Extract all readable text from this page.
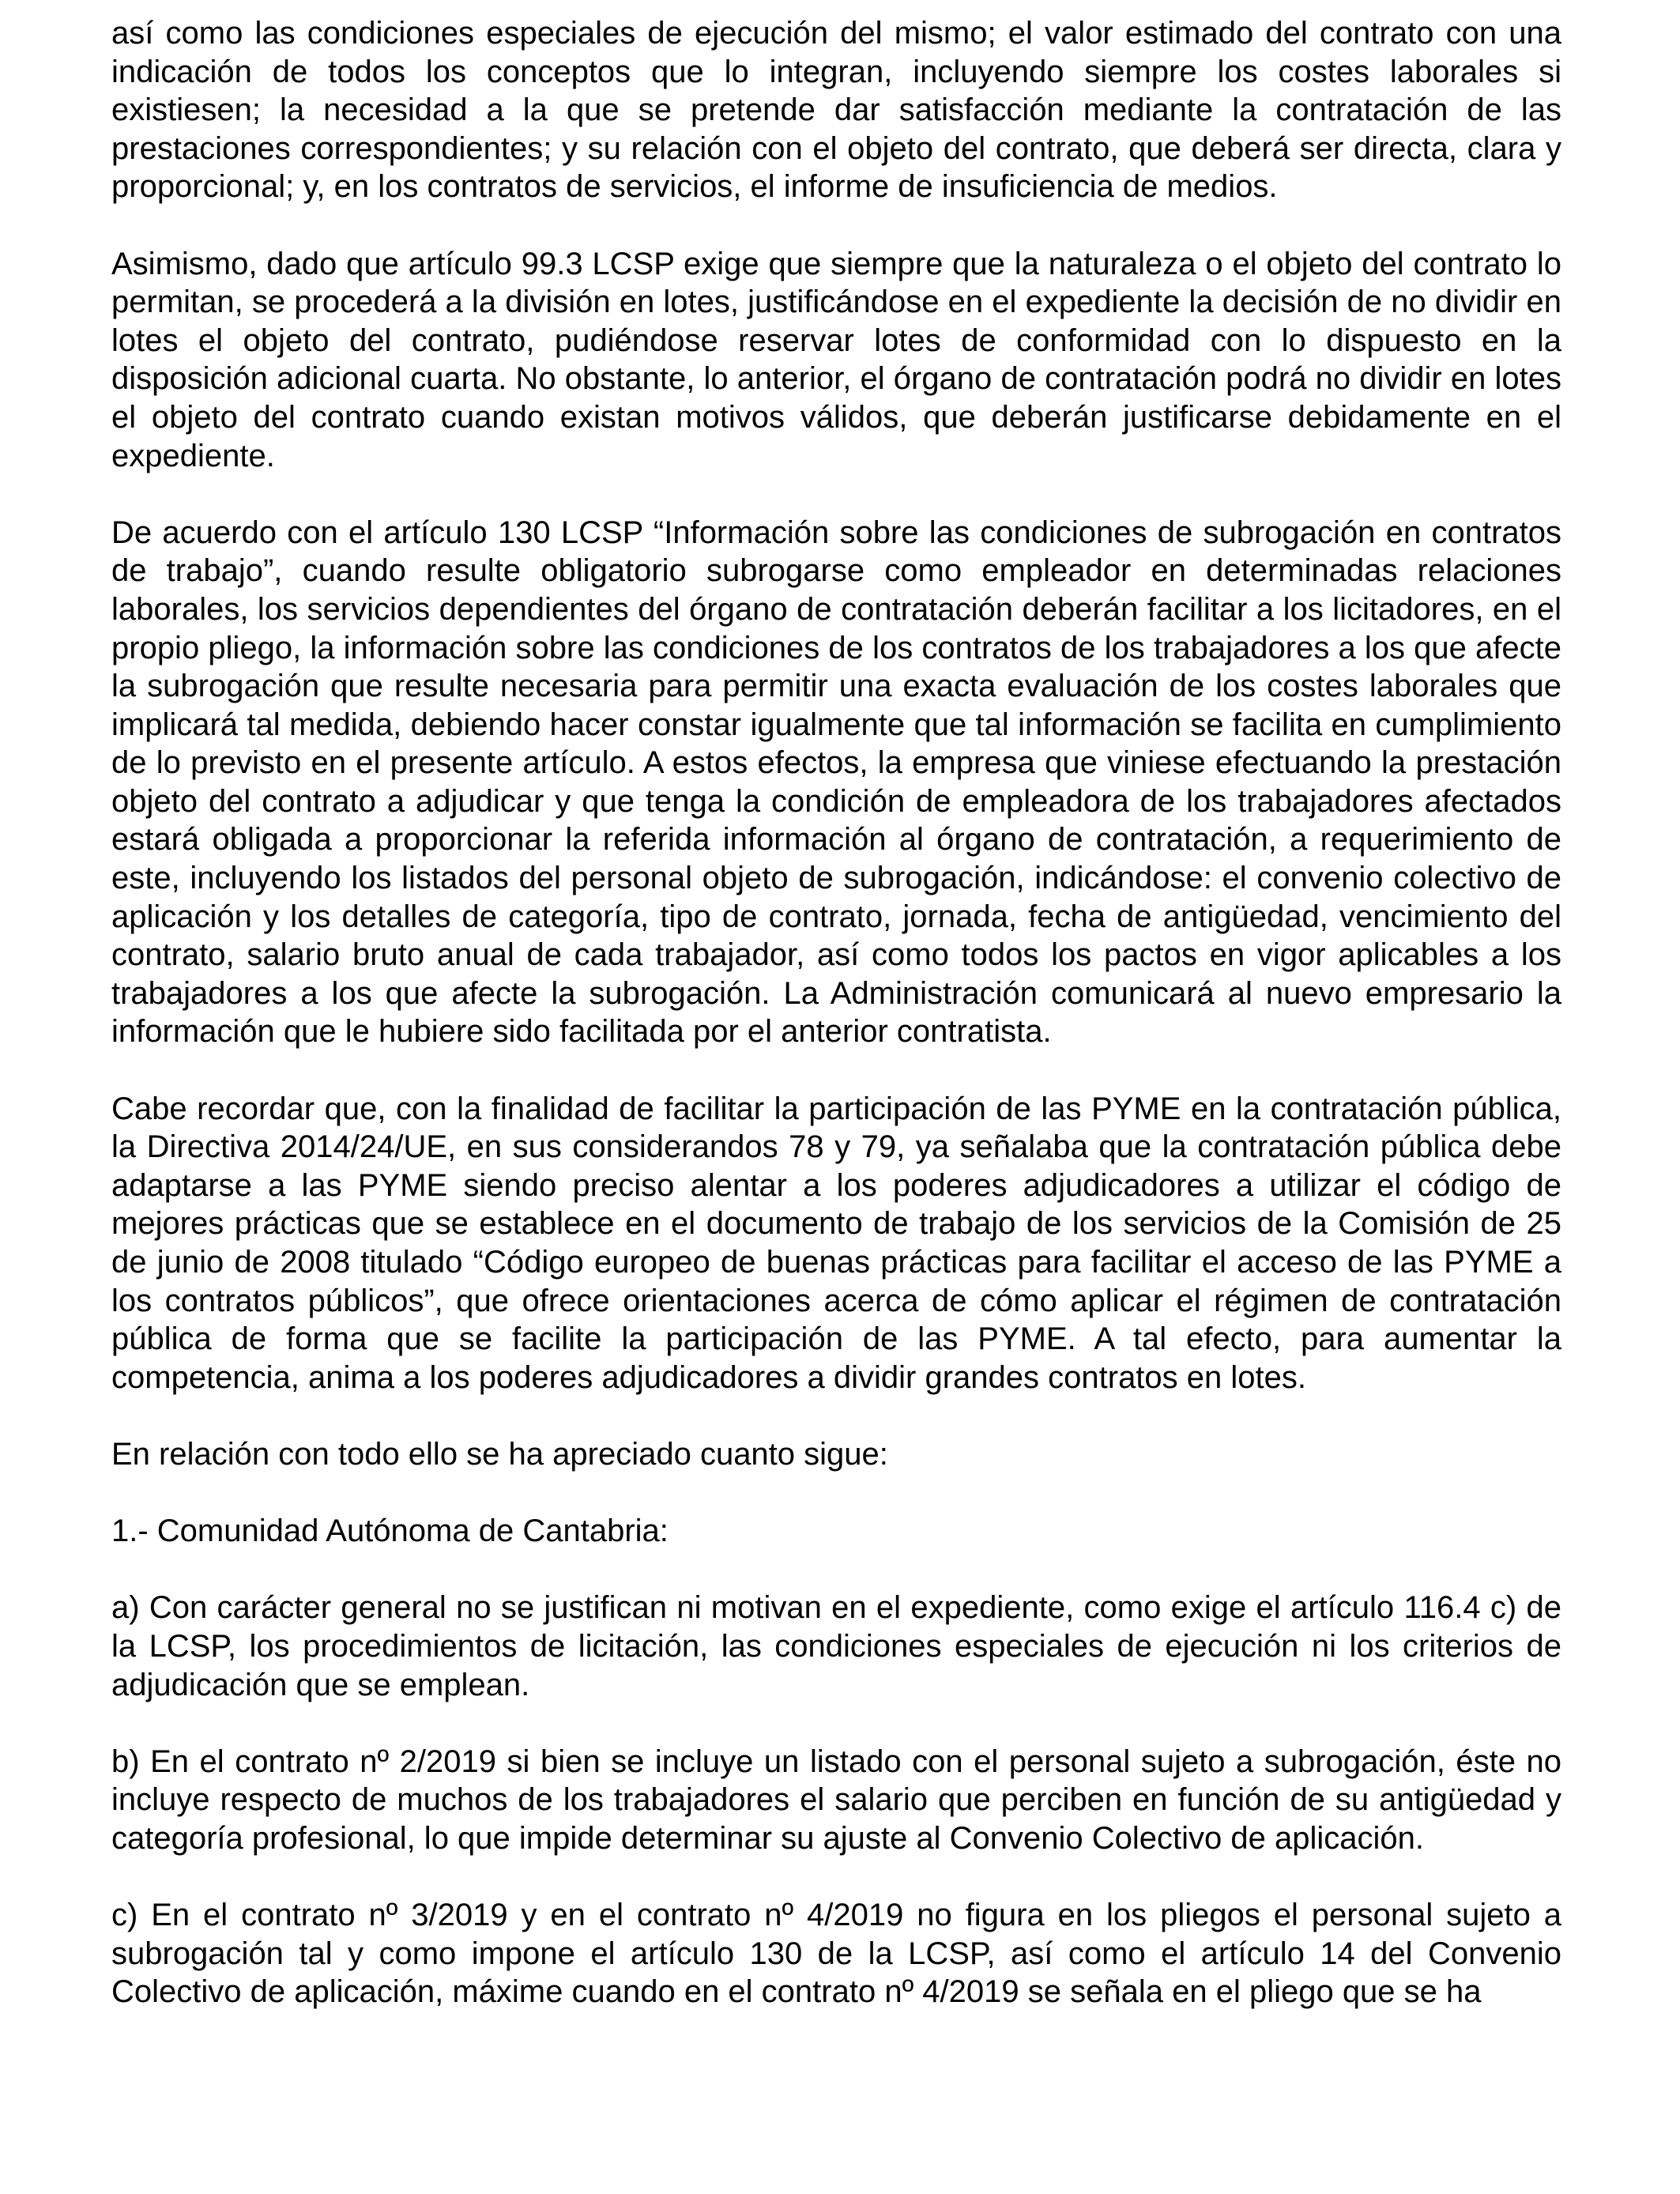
así como las condiciones especiales de ejecución del mismo; el valor estimado del contrato con una indicación de todos los conceptos que lo integran, incluyendo siempre los costes laborales si existiesen; la necesidad a la que se pretende dar satisfacción mediante la contratación de las prestaciones correspondientes; y su relación con el objeto del contrato, que deberá ser directa, clara y proporcional; y, en los contratos de servicios, el informe de insuficiencia de medios.

Asimismo, dado que artículo 99.3 LCSP exige que siempre que la naturaleza o el objeto del contrato lo permitan, se procederá a la división en lotes, justificándose en el expediente la decisión de no dividir en lotes el objeto del contrato, pudiéndose reservar lotes de conformidad con lo dispuesto en la disposición adicional cuarta. No obstante, lo anterior, el órgano de contratación podrá no dividir en lotes el objeto del contrato cuando existan motivos válidos, que deberán justificarse debidamente en el expediente.

De acuerdo con el artículo 130 LCSP “Información sobre las condiciones de subrogación en contratos de trabajo”, cuando resulte obligatorio subrogarse como empleador en determinadas relaciones laborales, los servicios dependientes del órgano de contratación deberán facilitar a los licitadores, en el propio pliego, la información sobre las condiciones de los contratos de los trabajadores a los que afecte la subrogación que resulte necesaria para permitir una exacta evaluación de los costes laborales que implicará tal medida, debiendo hacer constar igualmente que tal información se facilita en cumplimiento de lo previsto en el presente artículo. A estos efectos, la empresa que viniese efectuando la prestación objeto del contrato a adjudicar y que tenga la condición de empleadora de los trabajadores afectados estará obligada a proporcionar la referida información al órgano de contratación, a requerimiento de este, incluyendo los listados del personal objeto de subrogación, indicándose: el convenio colectivo de aplicación y los detalles de categoría, tipo de contrato, jornada, fecha de antigüedad, vencimiento del contrato, salario bruto anual de cada trabajador, así como todos los pactos en vigor aplicables a los trabajadores a los que afecte la subrogación. La Administración comunicará al nuevo empresario la información que le hubiere sido facilitada por el anterior contratista.

Cabe recordar que, con la finalidad de facilitar la participación de las PYME en la contratación pública, la Directiva 2014/24/UE, en sus considerandos 78 y 79, ya señalaba que la contratación pública debe adaptarse a las PYME siendo preciso alentar a los poderes adjudicadores a utilizar el código de mejores prácticas que se establece en el documento de trabajo de los servicios de la Comisión de 25 de junio de 2008 titulado “Código europeo de buenas prácticas para facilitar el acceso de las PYME a los contratos públicos”, que ofrece orientaciones acerca de cómo aplicar el régimen de contratación pública de forma que se facilite la participación de las PYME. A tal efecto, para aumentar la competencia, anima a los poderes adjudicadores a dividir grandes contratos en lotes.

En relación con todo ello se ha apreciado cuanto sigue:

1.- Comunidad Autónoma de Cantabria:

a) Con carácter general no se justifican ni motivan en el expediente, como exige el artículo 116.4 c) de la LCSP, los procedimientos de licitación, las condiciones especiales de ejecución ni los criterios de adjudicación que se emplean.

b) En el contrato nº 2/2019 si bien se incluye un listado con el personal sujeto a subrogación, éste no incluye respecto de muchos de los trabajadores el salario que perciben en función de su antigüedad y categoría profesional, lo que impide determinar su ajuste al Convenio Colectivo de aplicación.

c) En el contrato nº 3/2019 y en el contrato nº 4/2019 no figura en los pliegos el personal sujeto a subrogación tal y como impone el artículo 130 de la LCSP, así como el artículo 14 del Convenio Colectivo de aplicación, máxime cuando en el contrato nº 4/2019 se señala en el pliego que se ha
